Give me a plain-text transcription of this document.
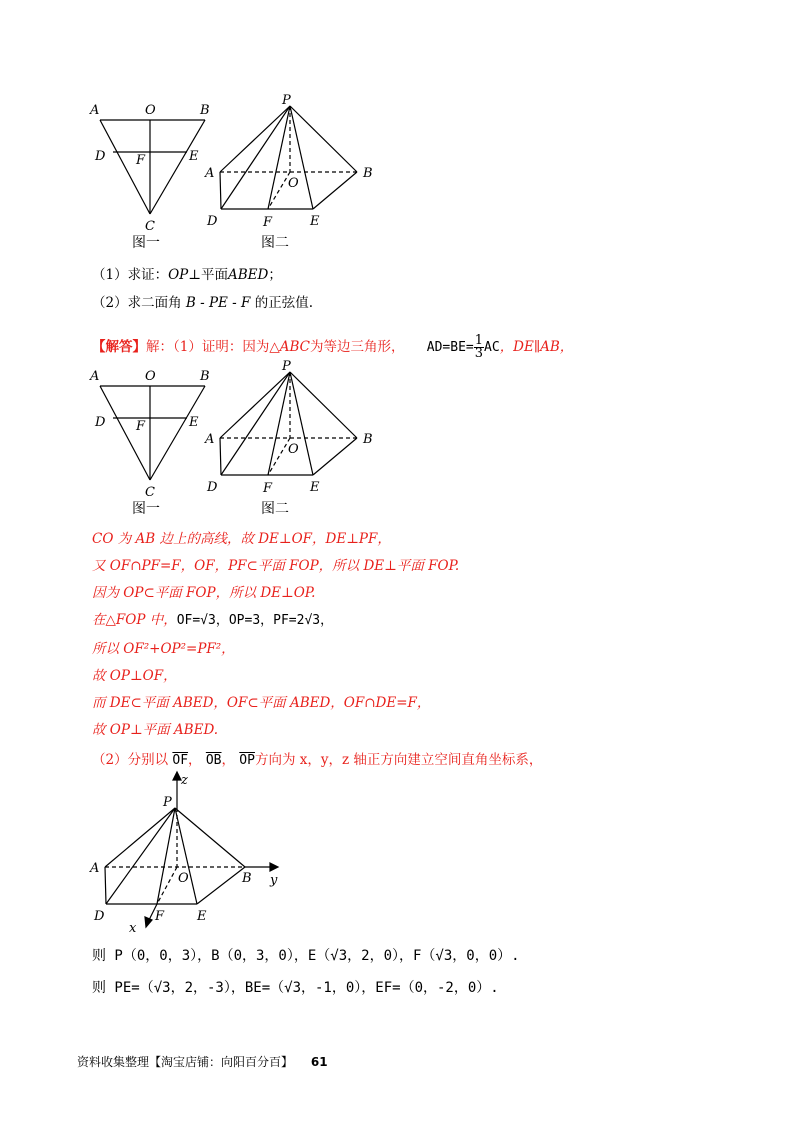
A	O	B
D F	E
C
图一
P
A	B
O
D	F	E
图二
（1）求证：OP⊥平面ABED；
（2）求二面角 B - PE - F 的正弦值.
【解答】解：（1）证明：因为△ABC为等边三角形， $AD=BE= \frac{1}{3}$ AC，DE∥AB，
A	O	B
D F	E
C
图一
P
A	B
O
D	F	E
图二
CO 为 AB 边上的高线，故 DE⊥OF，DE⊥PF，
又 OF∩PF=F，OF，PF⊂平面 FOP，所以 DE⊥平面 FOP.
因为 OP⊂平面 FOP，所以 DE⊥OP.
在△FOP 中，OF=√3，OP=3，PF=2√3，
所以 OF²+OP²=PF²，
故 OP⊥OF，
而 DE⊂平面 ABED，OF⊂平面 ABED，OF∩DE=F，
故 OP⊥平面 ABED.
（2）分别以 $\overline{OF}$， $\overline{OB}$， $\overline{OP}$方向为 x，y，z 轴正方向建立空间直角坐标系，
z
P
A
O	B y
D	F	E
x
则 P（0，0，3），B（0，3，0），E（√3，2，0），F（√3，0，0）.
则 PE=（√3，2，-3），BE=（√3，-1，0），EF=（0，-2，0）.
资料收集整理【淘宝店铺：向阳百分百】 61
